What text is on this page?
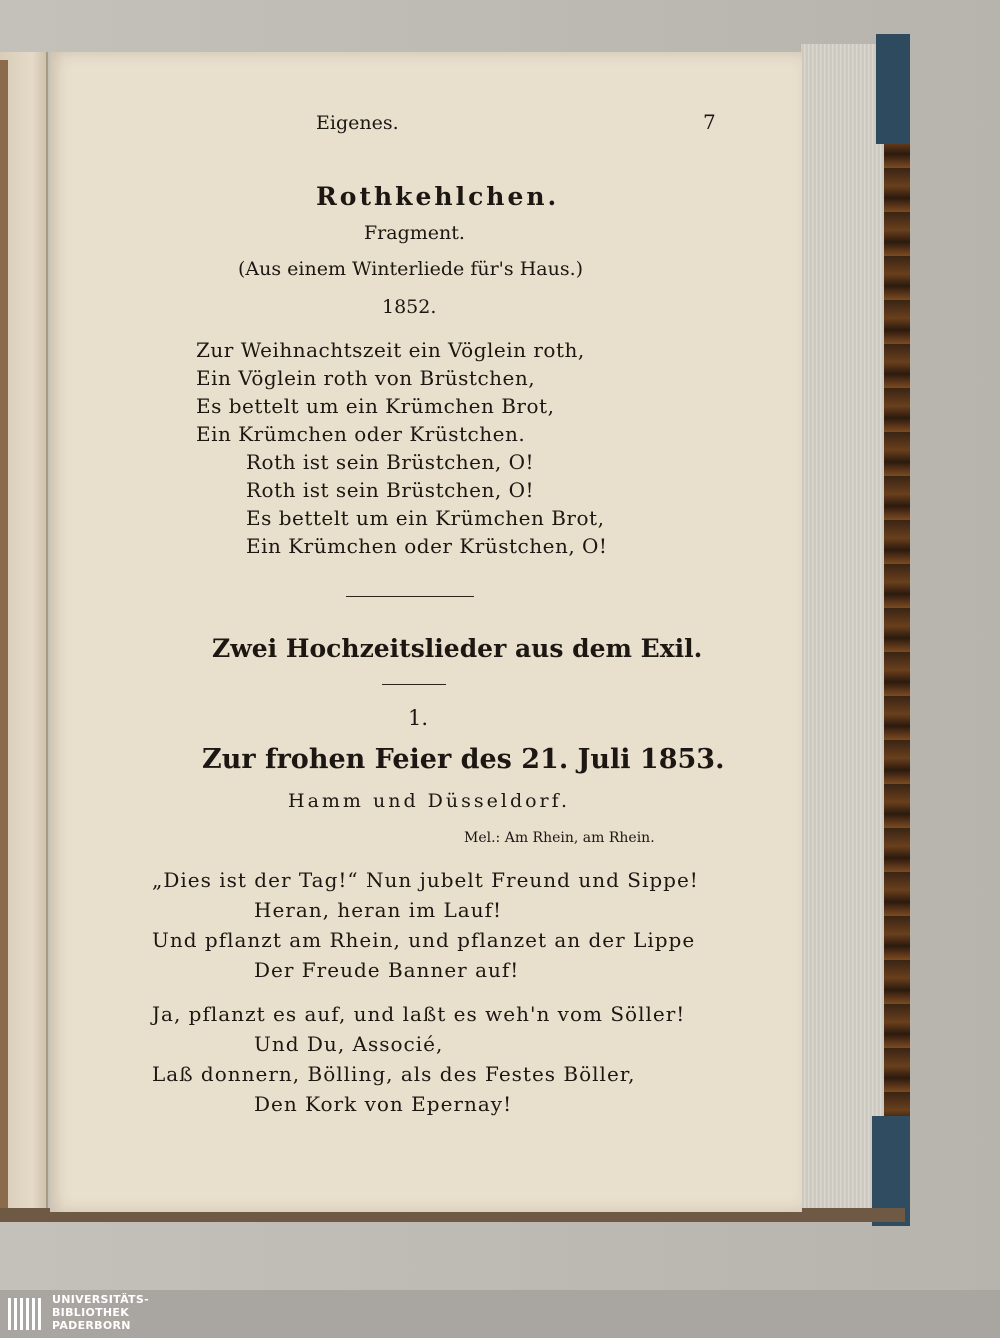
Eigenes.	7
Rothkehlchen.
Fragment.
(Aus einem Winterliede für's Haus.)
1852.
Zur Weihnachtszeit ein Vöglein roth,
Ein Vöglein roth von Brüstchen,
Es bettelt um ein Krümchen Brot,
Ein Krümchen oder Krüstchen.
Roth ist sein Brüstchen, O!
Roth ist sein Brüstchen, O!
Es bettelt um ein Krümchen Brot,
Ein Krümchen oder Krüstchen, O!
Zwei Hochzeitslieder aus dem Exil.
1.
Zur frohen Feier des 21. Juli 1853.
Hamm und Düsseldorf.
Mel.: Am Rhein, am Rhein.
„Dies ist der Tag!“ Nun jubelt Freund und Sippe!
Heran, heran im Lauf!
Und pflanzt am Rhein, und pflanzet an der Lippe
Der Freude Banner auf!
Ja, pflanzt es auf, und laßt es weh'n vom Söller!
Und Du, Associé,
Laß donnern, Bölling, als des Festes Böller,
Den Kork von Epernay!
UNIVERSITÄTS-
BIBLIOTHEK
PADERBORN
